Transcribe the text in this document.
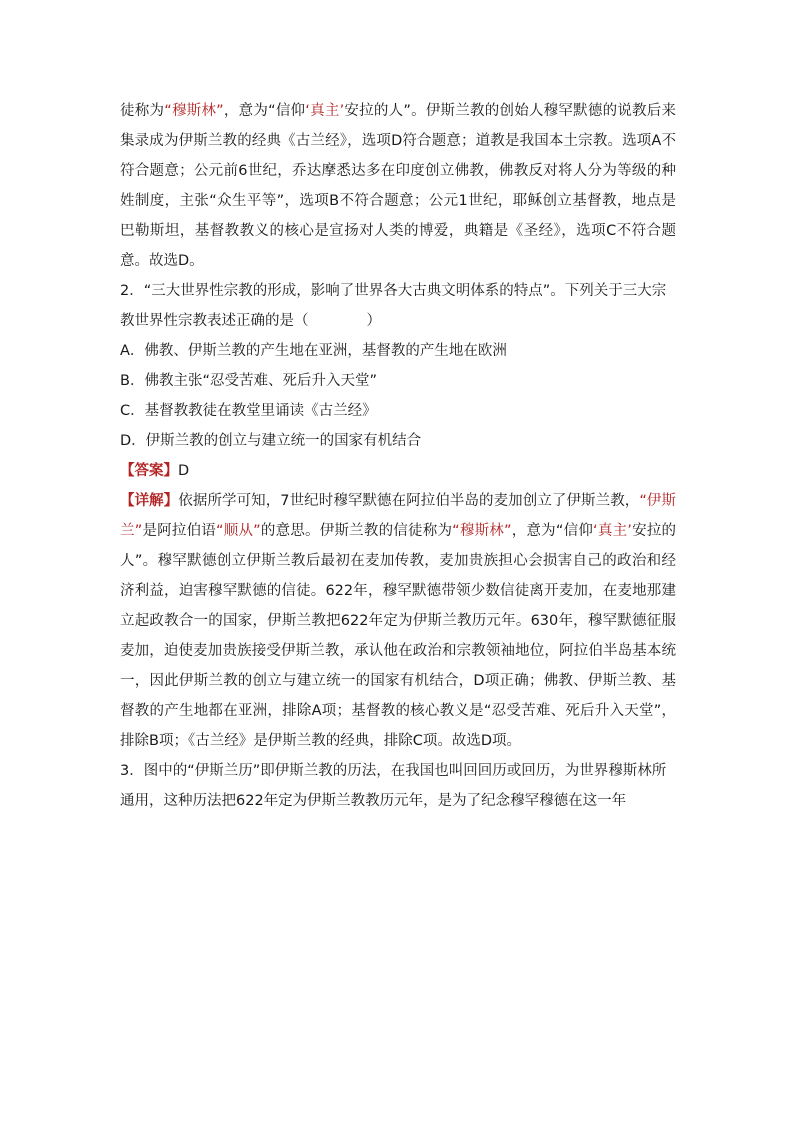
徒称为“穆斯林”，意为“信仰‘真主’安拉的人”。伊斯兰教的创始人穆罕默德的说教后来集录成为伊斯兰教的经典《古兰经》，选项D符合题意；道教是我国本土宗教。选项A不符合题意；公元前6世纪，乔达摩悉达多在印度创立佛教，佛教反对将人分为等级的种姓制度，主张“众生平等”，选项B不符合题意；公元1世纪，耶稣创立基督教，地点是巴勒斯坦，基督教教义的核心是宣扬对人类的博爱，典籍是《圣经》，选项C不符合题意。故选D。

2．“三大世界性宗教的形成，影响了世界各大古典文明体系的特点”。下列关于三大宗教世界性宗教表述正确的是（　　　　）

A．佛教、伊斯兰教的产生地在亚洲，基督教的产生地在欧洲

B．佛教主张“忍受苦难、死后升入天堂”

C．基督教教徒在教堂里诵读《古兰经》

D．伊斯兰教的创立与建立统一的国家有机结合

【答案】D

【详解】依据所学可知，7世纪时穆罕默德在阿拉伯半岛的麦加创立了伊斯兰教，“伊斯兰”是阿拉伯语“顺从”的意思。伊斯兰教的信徒称为“穆斯林”，意为“信仰‘真主’安拉的人”。穆罕默德创立伊斯兰教后最初在麦加传教，麦加贵族担心会损害自己的政治和经济利益，迫害穆罕默德的信徒。622年，穆罕默德带领少数信徒离开麦加，在麦地那建立起政教合一的国家，伊斯兰教把622年定为伊斯兰教历元年。630年，穆罕默德征服麦加，迫使麦加贵族接受伊斯兰教，承认他在政治和宗教领袖地位，阿拉伯半岛基本统一，因此伊斯兰教的创立与建立统一的国家有机结合，D项正确；佛教、伊斯兰教、基督教的产生地都在亚洲，排除A项；基督教的核心教义是“忍受苦难、死后升入天堂”，排除B项；《古兰经》是伊斯兰教的经典，排除C项。故选D项。

3．图中的“伊斯兰历”即伊斯兰教的历法，在我国也叫回回历或回历，为世界穆斯林所通用，这种历法把622年定为伊斯兰教教历元年，是为了纪念穆罕穆德在这一年
